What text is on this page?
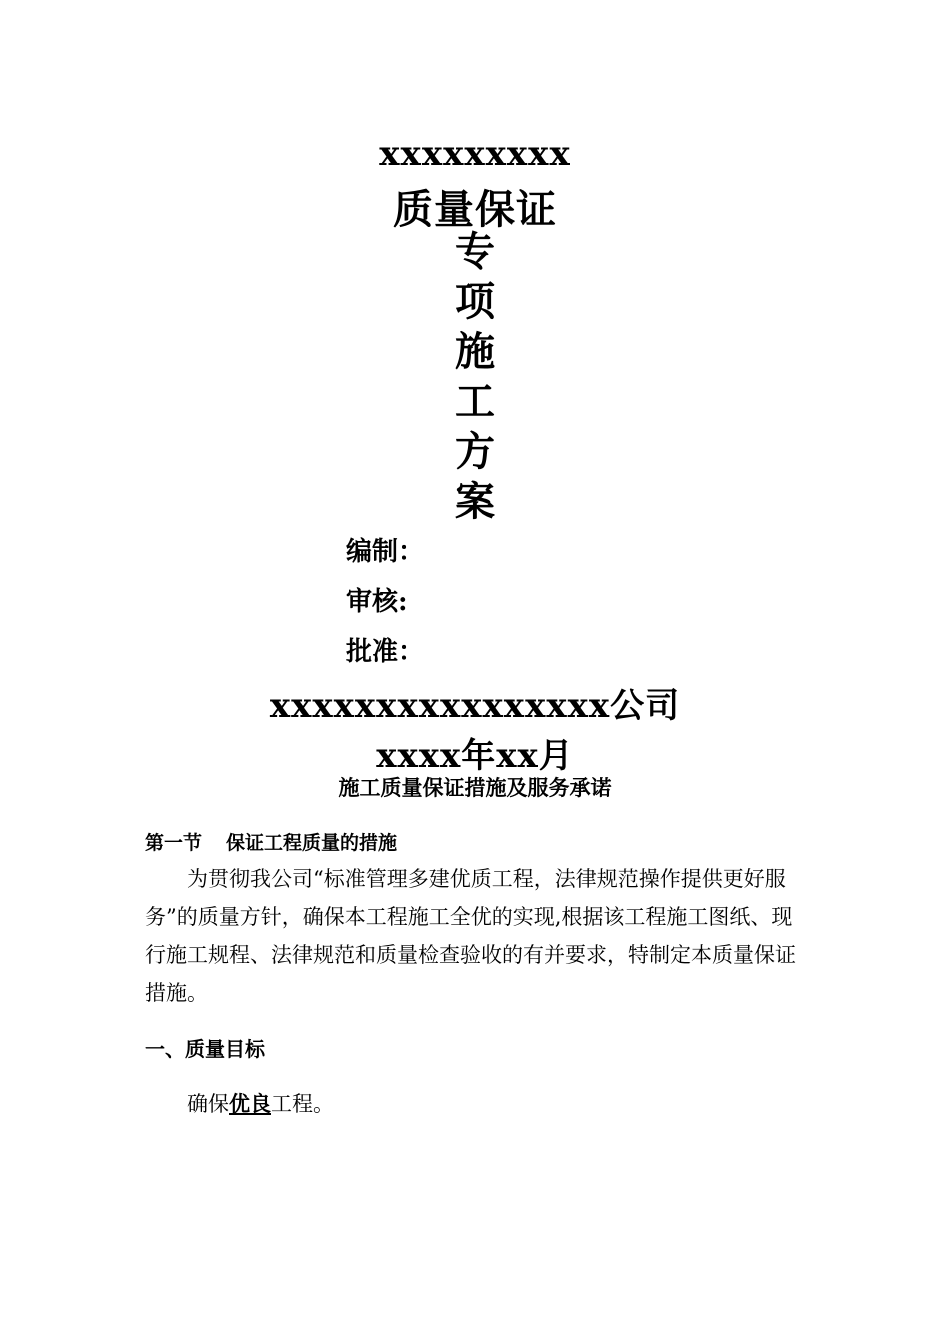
xxxxxxxxx
质量保证
专
项
施
工
方
案
编制：
审核:
批准：
xxxxxxxxxxxxxxxx公司
xxxx年xx月
施工质量保证措施及服务承诺
第一节 保证工程质量的措施
为贯彻我公司“标准管理多建优质工程，法律规范操作提供更好服务”的质量方针，确保本工程施工全优的实现,根据该工程施工图纸、现行施工规程、法律规范和质量检查验收的有并要求，特制定本质量保证措施。
一、质量目标
确保优良工程。
